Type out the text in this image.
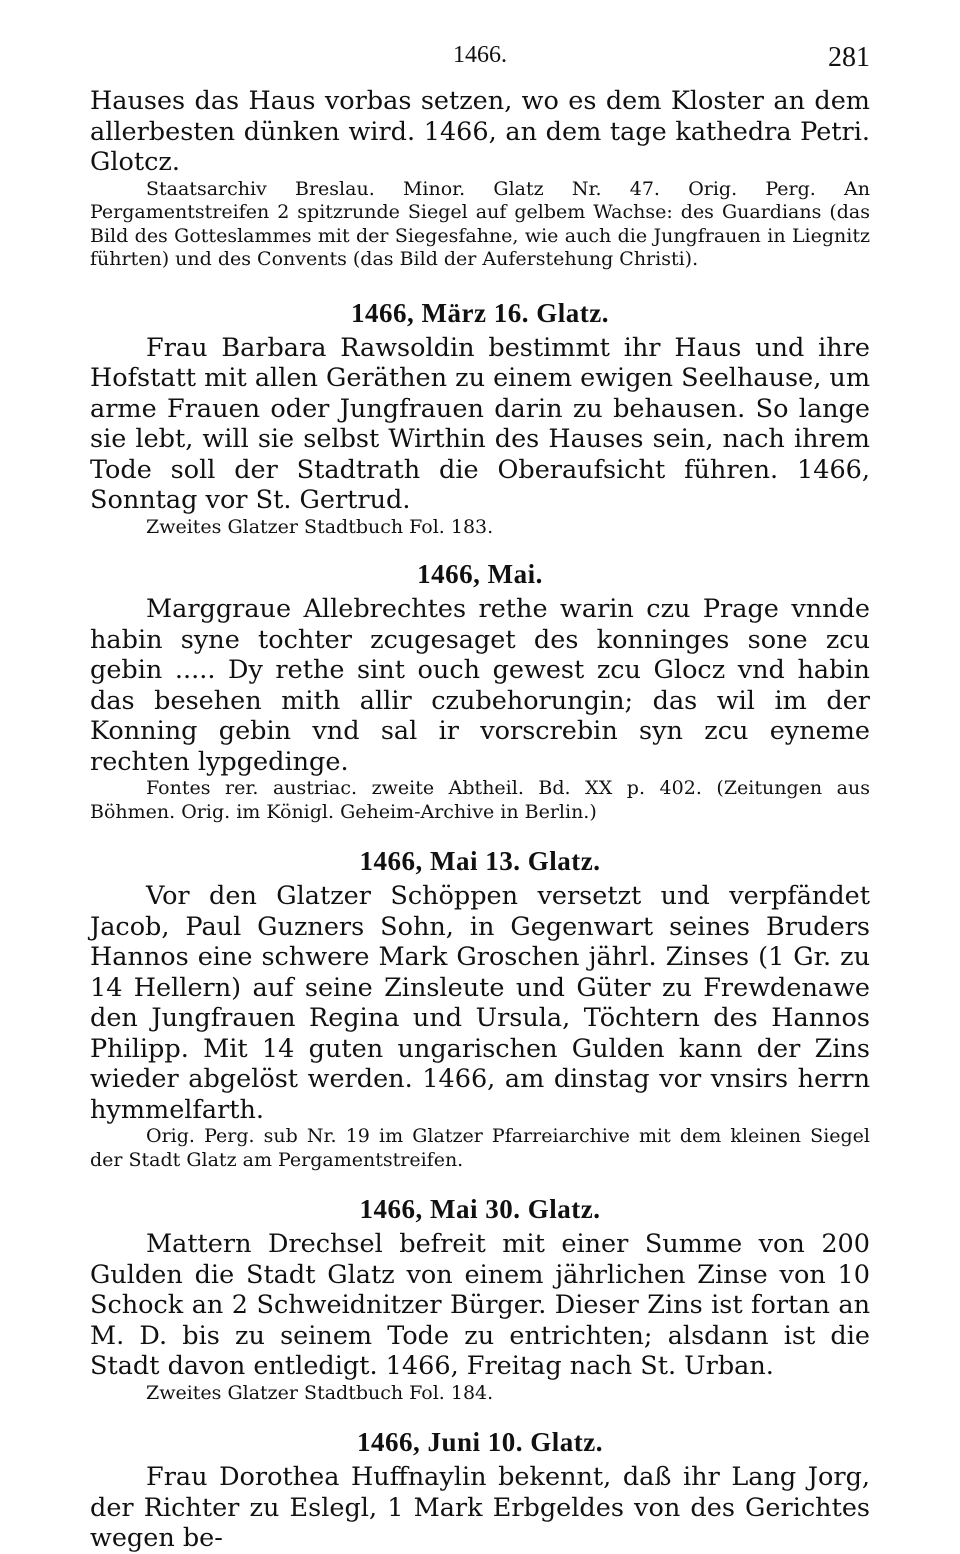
1466.	281

Hauses das Haus vorbas setzen, wo es dem Kloster an dem allerbesten dünken wird. 1466, an dem tage kathedra Petri. Glotcz.

Staatsarchiv Breslau. Minor. Glatz Nr. 47. Orig. Perg. An Pergamentstreifen 2 spitzrunde Siegel auf gelbem Wachse: des Guardians (das Bild des Gotteslammes mit der Siegesfahne, wie auch die Jungfrauen in Liegnitz führten) und des Convents (das Bild der Auferstehung Christi).

1466, März 16. Glatz.

Frau Barbara Rawsoldin bestimmt ihr Haus und ihre Hofstatt mit allen Geräthen zu einem ewigen Seelhause, um arme Frauen oder Jungfrauen darin zu behausen. So lange sie lebt, will sie selbst Wirthin des Hauses sein, nach ihrem Tode soll der Stadtrath die Oberaufsicht führen. 1466, Sonntag vor St. Gertrud.

Zweites Glatzer Stadtbuch Fol. 183.

1466, Mai.

Marggraue Allebrechtes rethe warin czu Prage vnnde habin syne tochter zcugesaget des konninges sone zcu gebin ..... Dy rethe sint ouch gewest zcu Glocz vnd habin das besehen mith allir czubehorungin; das wil im der Konning gebin vnd sal ir vorscrebin syn zcu eyneme rechten lypgedinge.

Fontes rer. austriac. zweite Abtheil. Bd. XX p. 402. (Zeitungen aus Böhmen. Orig. im Königl. Geheim-Archive in Berlin.)

1466, Mai 13. Glatz.

Vor den Glatzer Schöppen versetzt und verpfändet Jacob, Paul Guzners Sohn, in Gegenwart seines Bruders Hannos eine schwere Mark Groschen jährl. Zinses (1 Gr. zu 14 Hellern) auf seine Zinsleute und Güter zu Frewdenawe den Jungfrauen Regina und Ursula, Töchtern des Hannos Philipp. Mit 14 guten ungarischen Gulden kann der Zins wieder abgelöst werden. 1466, am dinstag vor vnsirs herrn hymmelfarth.

Orig. Perg. sub Nr. 19 im Glatzer Pfarreiarchive mit dem kleinen Siegel der Stadt Glatz am Pergamentstreifen.

1466, Mai 30. Glatz.

Mattern Drechsel befreit mit einer Summe von 200 Gulden die Stadt Glatz von einem jährlichen Zinse von 10 Schock an 2 Schweidnitzer Bürger. Dieser Zins ist fortan an M. D. bis zu seinem Tode zu entrichten; alsdann ist die Stadt davon entledigt. 1466, Freitag nach St. Urban.

Zweites Glatzer Stadtbuch Fol. 184.

1466, Juni 10. Glatz.

Frau Dorothea Huffnaylin bekennt, daß ihr Lang Jorg, der Richter zu Eslegl, 1 Mark Erbgeldes von des Gerichtes wegen be-
